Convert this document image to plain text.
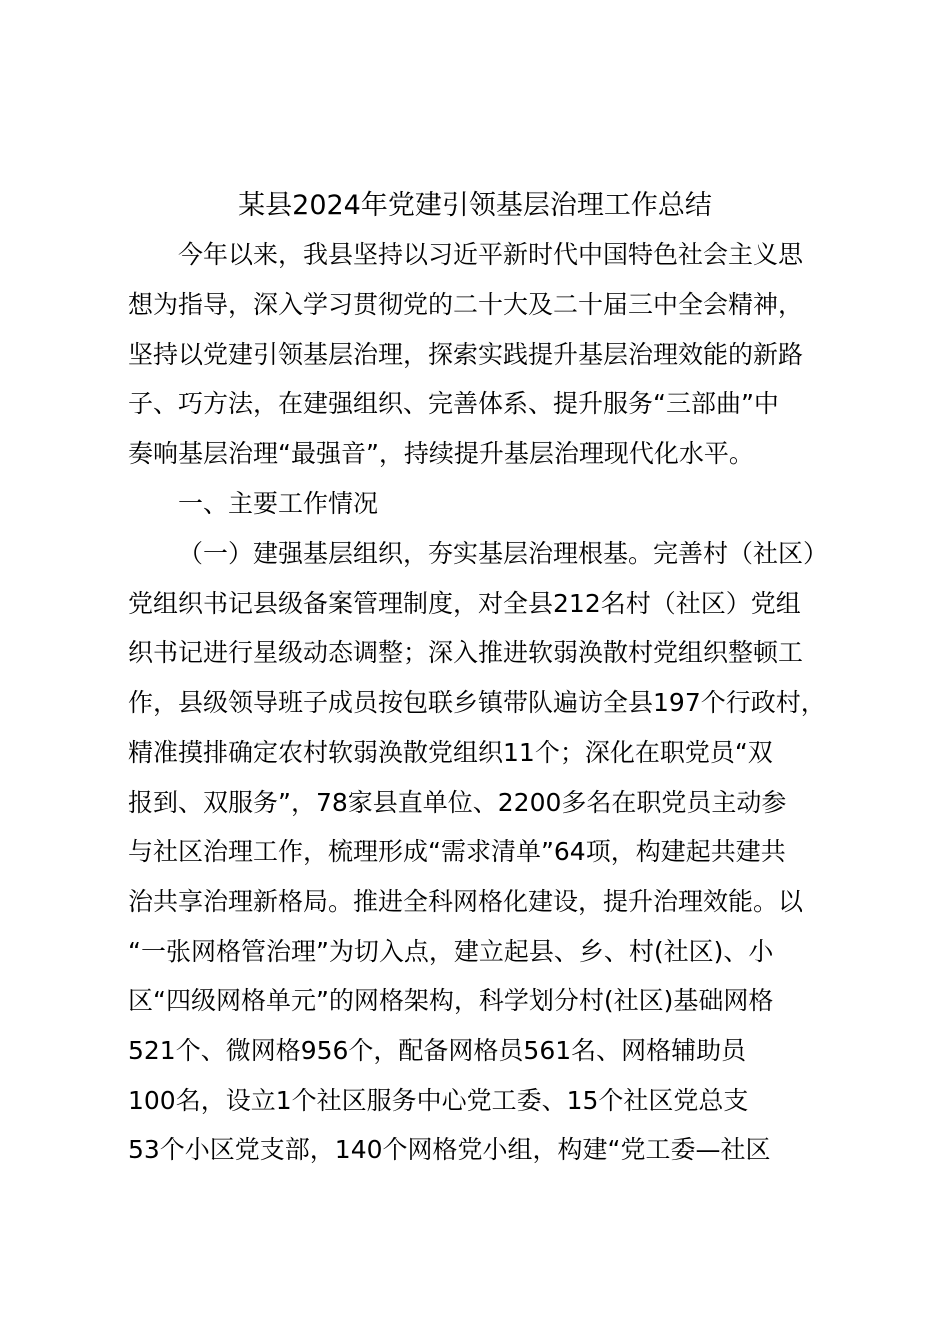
某县2024年党建引领基层治理工作总结
今年以来，我县坚持以习近平新时代中国特色社会主义思
想为指导，深入学习贯彻党的二十大及二十届三中全会精神，
坚持以党建引领基层治理，探索实践提升基层治理效能的新路
子、巧方法，在建强组织、完善体系、提升服务“三部曲”中
奏响基层治理“最强音”，持续提升基层治理现代化水平。
一、主要工作情况
（一）建强基层组织，夯实基层治理根基。完善村（社区）
党组织书记县级备案管理制度，对全县212名村（社区）党组
织书记进行星级动态调整；深入推进软弱涣散村党组织整顿工
作，县级领导班子成员按包联乡镇带队遍访全县197个行政村，
精准摸排确定农村软弱涣散党组织11个；深化在职党员“双
报到、双服务”，78家县直单位、2200多名在职党员主动参
与社区治理工作，梳理形成“需求清单”64项，构建起共建共
治共享治理新格局。推进全科网格化建设，提升治理效能。以
“一张网格管治理”为切入点，建立起县、乡、村(社区)、小
区“四级网格单元”的网格架构，科学划分村(社区)基础网格
521个、微网格956个，配备网格员561名、网格辅助员
100名，设立1个社区服务中心党工委、15个社区党总支
53个小区党支部，140个网格党小组，构建“党工委—社区
